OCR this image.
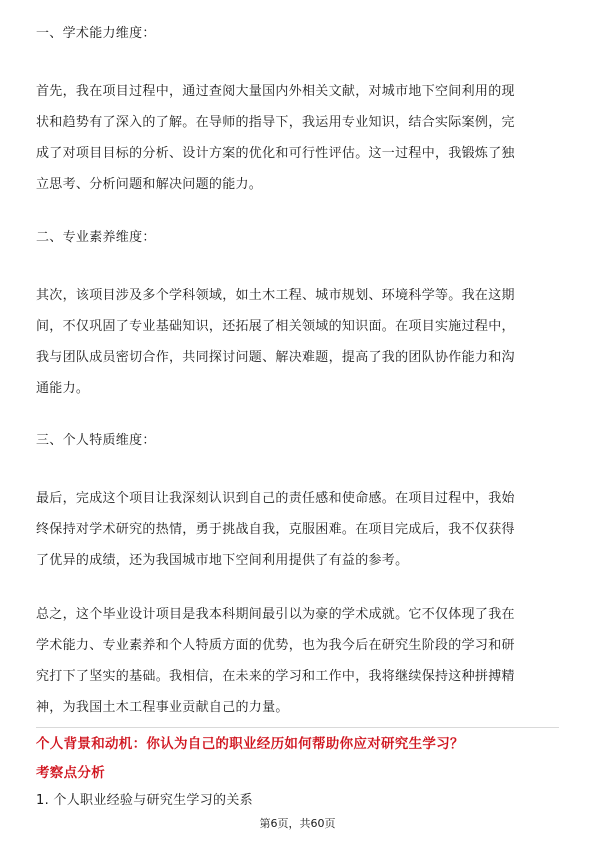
一、学术能力维度：
首先，我在项目过程中，通过查阅大量国内外相关文献，对城市地下空间利用的现
状和趋势有了深入的了解。在导师的指导下，我运用专业知识，结合实际案例，完
成了对项目目标的分析、设计方案的优化和可行性评估。这一过程中，我锻炼了独
立思考、分析问题和解决问题的能力。
二、专业素养维度：
其次，该项目涉及多个学科领域，如土木工程、城市规划、环境科学等。我在这期
间，不仅巩固了专业基础知识，还拓展了相关领域的知识面。在项目实施过程中，
我与团队成员密切合作，共同探讨问题、解决难题，提高了我的团队协作能力和沟
通能力。
三、个人特质维度：
最后，完成这个项目让我深刻认识到自己的责任感和使命感。在项目过程中，我始
终保持对学术研究的热情，勇于挑战自我，克服困难。在项目完成后，我不仅获得
了优异的成绩，还为我国城市地下空间利用提供了有益的参考。
总之，这个毕业设计项目是我本科期间最引以为豪的学术成就。它不仅体现了我在
学术能力、专业素养和个人特质方面的优势，也为我今后在研究生阶段的学习和研
究打下了坚实的基础。我相信，在未来的学习和工作中，我将继续保持这种拼搏精
神，为我国土木工程事业贡献自己的力量。
个人背景和动机：你认为自己的职业经历如何帮助你应对研究生学习？
考察点分析
1. 个人职业经验与研究生学习的关系
第6页，共60页
